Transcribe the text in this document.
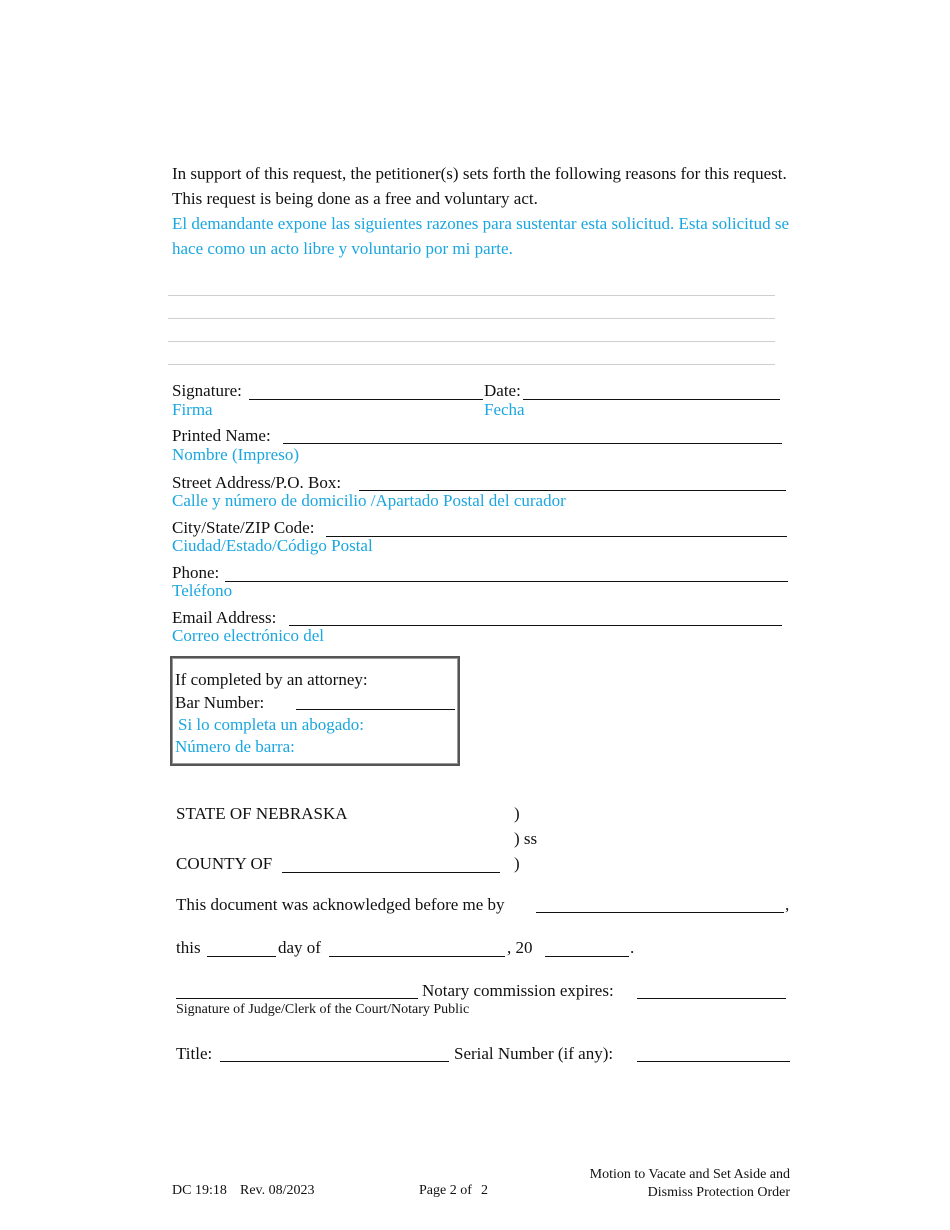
In support of this request, the petitioner(s) sets forth the following reasons for this request. This request is being done as a free and voluntary act.
El demandante expone las siguientes razones para sustentar esta solicitud. Esta solicitud se hace como un acto libre y voluntario por mi parte.
Signature:
Firma
Date:
Fecha
Printed Name:
Nombre (Impreso)
Street Address/P.O. Box:
Calle y número de domicilio /Apartado Postal del curador
City/State/ZIP Code:
Ciudad/Estado/Código Postal
Phone:
Teléfono
Email Address:
Correo electrónico del
If completed by an attorney:
Bar Number:
Si lo completa un abogado:
Número de barra:
STATE OF NEBRASKA	)
) ss
COUNTY OF	)
This document was acknowledged before me by	,
this	day of	, 20	.
Notary commission expires:
Signature of Judge/Clerk of the Court/Notary Public
Title:	Serial Number (if any):
DC 19:18 Rev. 08/2023	Page 2 of 2
Motion to Vacate and Set Aside and
Dismiss Protection Order
